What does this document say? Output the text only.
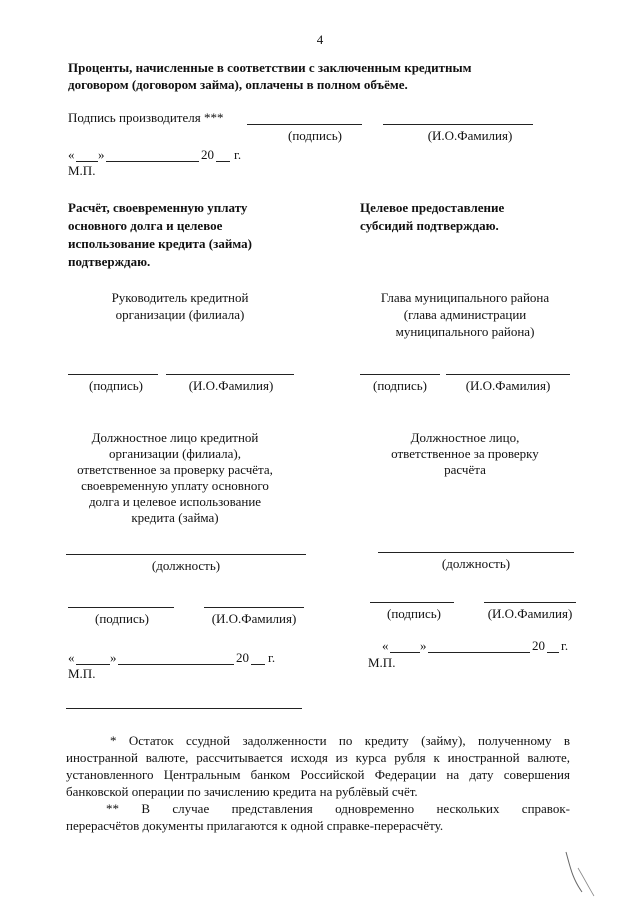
4
Проценты, начисленные в соответствии с заключенным кредитным
договором (договором займа), оплачены в полном объёме.
Подпись производителя ***
(подпись)	(И.О.Фамилия)
« »	20 г.
М.П.
Расчёт, своевременную уплату
основного долга и целевое
использование кредита (займа)
подтверждаю.
Целевое предоставление
субсидий подтверждаю.
Руководитель кредитной
организации (филиала)
Глава муниципального района
(глава администрации
муниципального района)
(подпись)	(И.О.Фамилия)	(подпись)	(И.О.Фамилия)
Должностное лицо кредитной
организации (филиала),
ответственное за проверку расчёта,
своевременную уплату основного
долга и целевое использование
кредита (займа)
Должностное лицо,
ответственное за проверку
расчёта
(должность)	(должность)
(подпись)	(И.О.Фамилия)	(подпись)	(И.О.Фамилия)
«	»	20 г.
М.П.
« »	20 г.
М.П.
* Остаток ссудной задолженности по кредиту (займу), полученному в
иностранной валюте, рассчитывается исходя из курса рубля к иностранной валюте, установленного Центральным банком Российской Федерации на дату совершения банковской операции по зачислению кредита на рублёвый счёт.
** В случае представления одновременно нескольких справок-
перерасчётов документы прилагаются к одной справке-перерасчёту.
